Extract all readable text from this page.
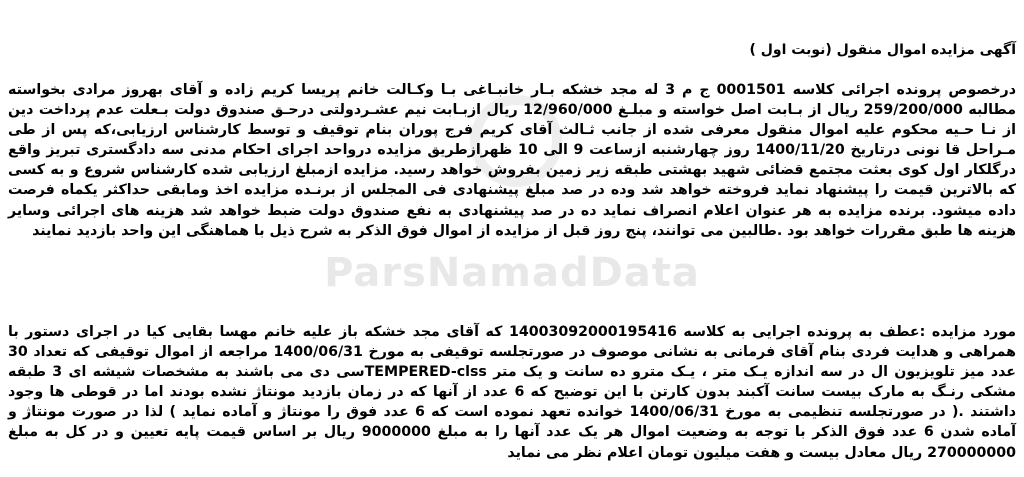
ParsNamadData
آگهی مزایده اموال منقول (نوبت اول )
درخصوص پرونده اجرائی کلاسه 0001501 ج م 3 له مجد خشکه بـار خانبـاغی بـا وکـالت خانم پریسا کریم زاده و آقای بهروز مرادی بخواسته مطالبه 259/200/000 ریال از بـابت اصل خواسته و مبلـغ 12/960/000 ریال ازبـابت نیم عشـردولتی درحـق صندوق دولت بـعلت عدم پرداخت دین از نـا حـیه محکوم علیه اموال منقول معرفی شده از جانب ثـالث آقای کریم فرج پوران بنام توقیف و توسط کارشناس ارزیابی،که پس از طی مـراحل قا نونی درتاریخ 1400/11/20 روز چهارشنبه ازساعت 9 الی 10 ظهرازطریق مزایده درواحد اجرای احکام مدنی سه دادگستری تبریز واقع درگلکار اول کوی بعثت مجتمع قضائی شهید بهشتی طبقه زیر زمین بفروش خواهد رسید. مزایده ازمبلغ ارزیابی شده کارشناس شروع و به کسی که بالاترین قیمت را پیشنهاد نماید فروخته خواهد شد وده در صد مبلغ پیشنهادی فی المجلس از برنـده مزایده اخذ ومابقی حداکثر یکماه فرصت داده میشود. برنده مزایده به هر عنوان اعلام انصراف نماید ده در صد پیشنهادی به نفع صندوق دولت ضبط خواهد شد هزینه های اجرائی وسایر هزینه ها طبق مقررات خواهد بود .طالبین می توانند، پنج روز قبل از مزایده از اموال فوق الذکر به شرح ذیل با هماهنگی این واحد بازدید نمایند
مورد مزایده :عطف به پرونده اجرایی به کلاسه 14003092000195416 که آقای مجد خشکه باز علیه خانم مهسا بقایی کیا در اجرای دستور با همراهی و هدایت فردی بنام آقای فرمانی به نشانی موصوف در صورتجلسه توقیفی به مورخ 1400/06/31 مراجعه از اموال توقیفی که تعداد 30 عدد میز تلویزیون ال در سه اندازه یـک متر ، یـک مترو ده سانت و یک متر TEMPERED-clssسی دی می باشند به مشخصات شیشه ای 3 طبقه مشکی رنـگ به مارک بیست سانت آکبند بدون کارتن با این توضیح که 6 عدد از آنها که در زمان بازدید مونتاژ نشده بودند اما در قوطی ها وجود داشتند .( در صورتجلسه تنظیمی به مورخ 1400/06/31 خوانده تعهد نموده است که 6 عدد فوق را مونتاژ و آماده نماید ) لذا در صورت مونتاژ و آماده شدن 6 عدد فوق الذکر با توجه به وضعیت اموال هر یک عدد آنها را به مبلغ 9000000 ریال بر اساس قیمت پایه تعیین و در کل به مبلغ 270000000 ریال معادل بیست و هفت میلیون تومان اعلام نظر می نماید
